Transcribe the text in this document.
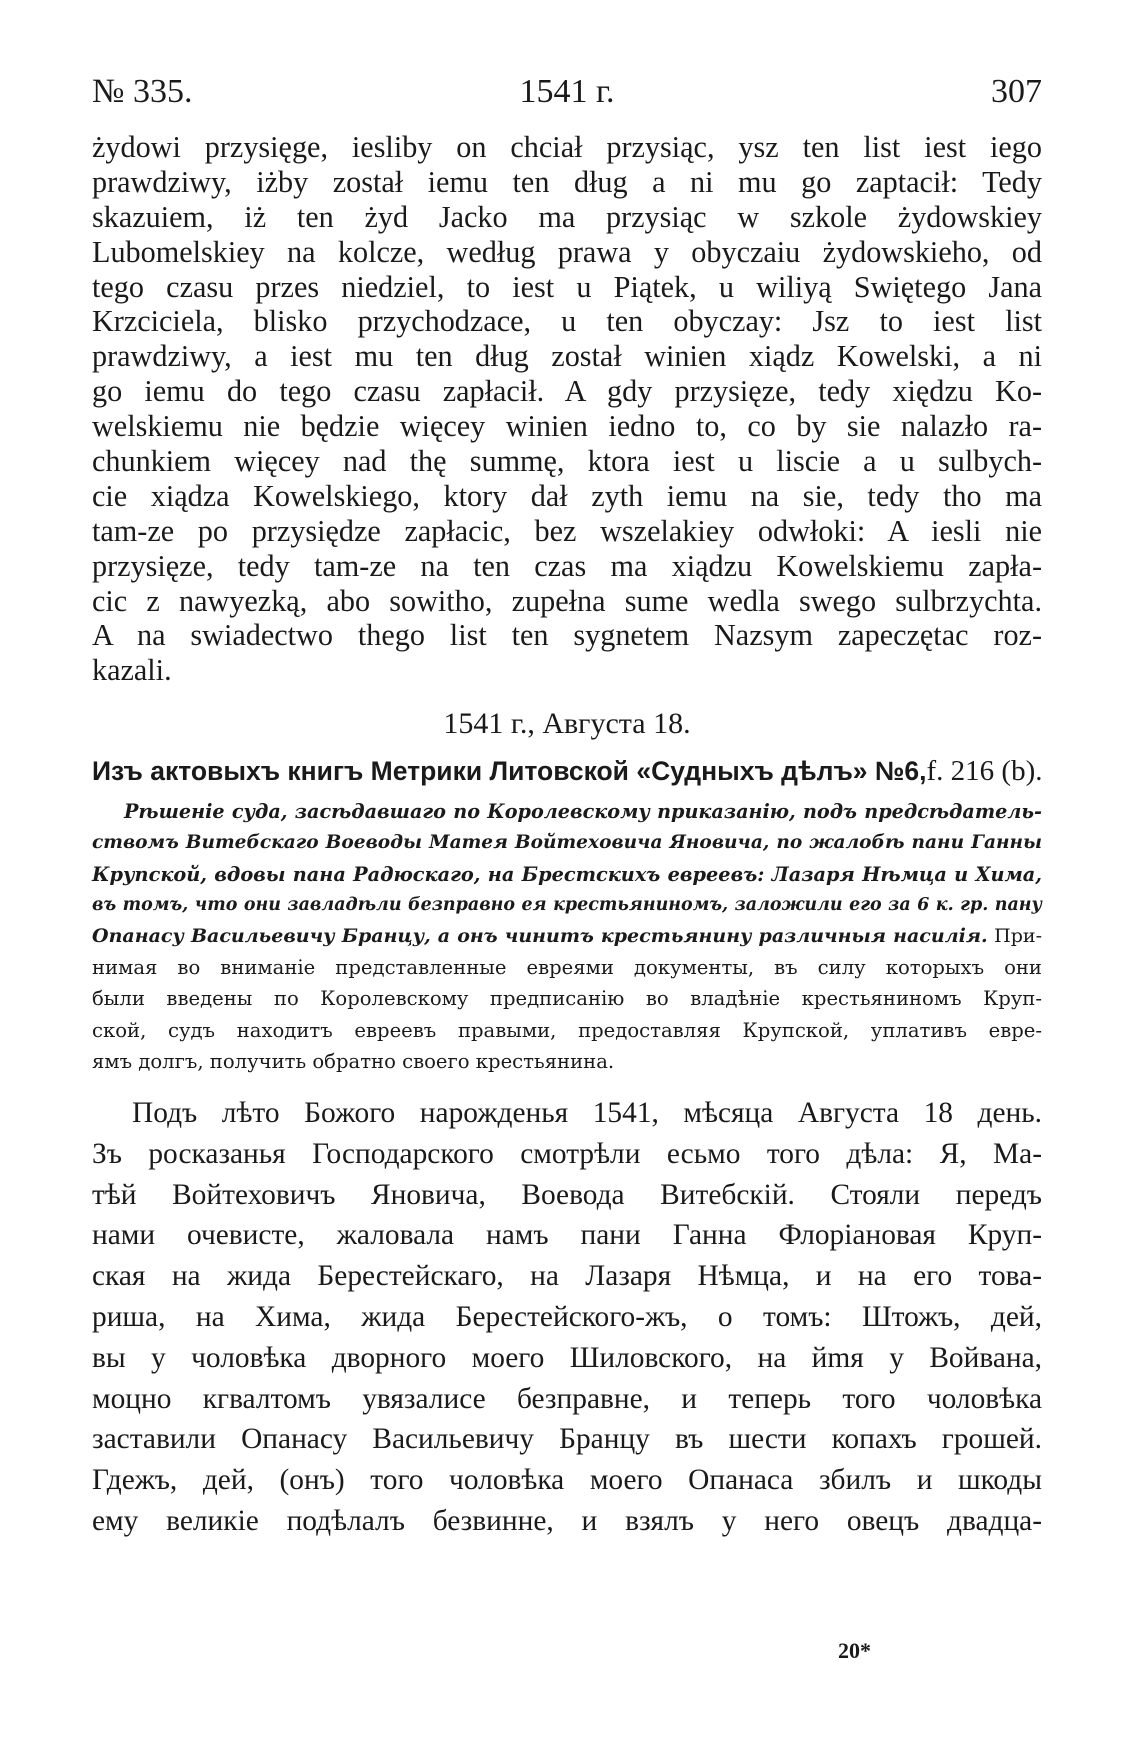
№ 335.	1541 г.	307
żydowi przysięge, iesliby on chciał przysiąc, ysz ten list iest iego
prawdziwy, iżby został iemu ten dług a ni mu go zaptacił: Tedy
skazuiem, iż ten żyd Jacko ma przysiąc w szkole żydowskiey
Lubomelskiey na kolcze, według prawa y obyczaiu żydowskieho, od
tego czasu przes niedziel, to iest u Piątek, u wiliyą Swiętego Jana
Krzciciela, blisko przychodzace, u ten obyczay: Jsz to iest list
prawdziwy, a iest mu ten dług został winien xiądz Kowelski, a ni
go iemu do tego czasu zapłacił. A gdy przysięze, tedy xiędzu Ko-
welskiemu nie będzie więcey winien iedno to, co by sie nalazło ra-
chunkiem więcey nad thę summę, ktora iest u liscie a u sulbych-
cie xiądza Kowelskiego, ktory dał zyth iemu na sie, tedy tho ma
tam-ze po przysiędze zapłacic, bez wszelakiey odwłoki: A iesli nie
przysięze, tedy tam-ze na ten czas ma xiądzu Kowelskiemu zapła-
cic z nawyezką, abo sowitho, zupełna sume wedla swego sulbrzychta.
A na swiadectwo thego list ten sygnetem Nazsym zapeczętac roz-
kazali.
1541 г., Августа 18.
Изъ актовыхъ книгъ Метрики Литовской «Судныхъ дѣлъ» №6,f. 216 (b).
Рѣшеніе суда, засѣдавшаго по Королевскому приказанію, подъ предсѣдатель-
ствомъ Витебскаго Воеводы Матея Войтеховича Яновича, по жалобѣ пани Ганны
Крупской, вдовы пана Радюскаго, на Брестскихъ евреевъ: Лазаря Нѣмца и Хима,
въ томъ, что они завладѣли безправно ея крестьяниномъ, заложили его за 6 к. гр. пану
Опанасу Васильевичу Бранцу, а онъ чинитъ крестьянину различныя насилія. При-
нимая во вниманіе представленные евреями документы, въ силу которыхъ они
были введены по Королевскому предписанію во владѣніе крестьяниномъ Круп-
ской, судъ находитъ евреевъ правыми, предоставляя Крупской, уплативъ евре-
ямъ долгъ, получить обратно своего крестьянина.
Подъ лѣто Божого нарожденья 1541, мѣсяца Августа 18 день.
Зъ росказанья Господарского смотрѣли есьмо того дѣла: Я, Ма-
тѣй Войтеховичъ Яновича, Воевода Витебскій. Стояли передъ
нами очевисте, жаловала намъ пани Ганна Флоріановая Круп-
ская на жида Берестейскаго, на Лазаря Нѣмца, и на его това-
риша, на Хима, жида Берестейского-жъ, о томъ: Штожъ, дей,
вы у чоловѣка дворного моего Шиловского, на йmя у Войвана,
моцно кгвалтомъ увязалисе безправне, и теперь того чоловѣка
заставили Опанасу Васильевичу Бранцу въ шести копахъ грошей.
Гдежъ, дей, (онъ) того чоловѣка моего Опанаса збилъ и шкоды
ему великіе подѣлалъ безвинне, и взялъ у него овецъ двадца-
20*
